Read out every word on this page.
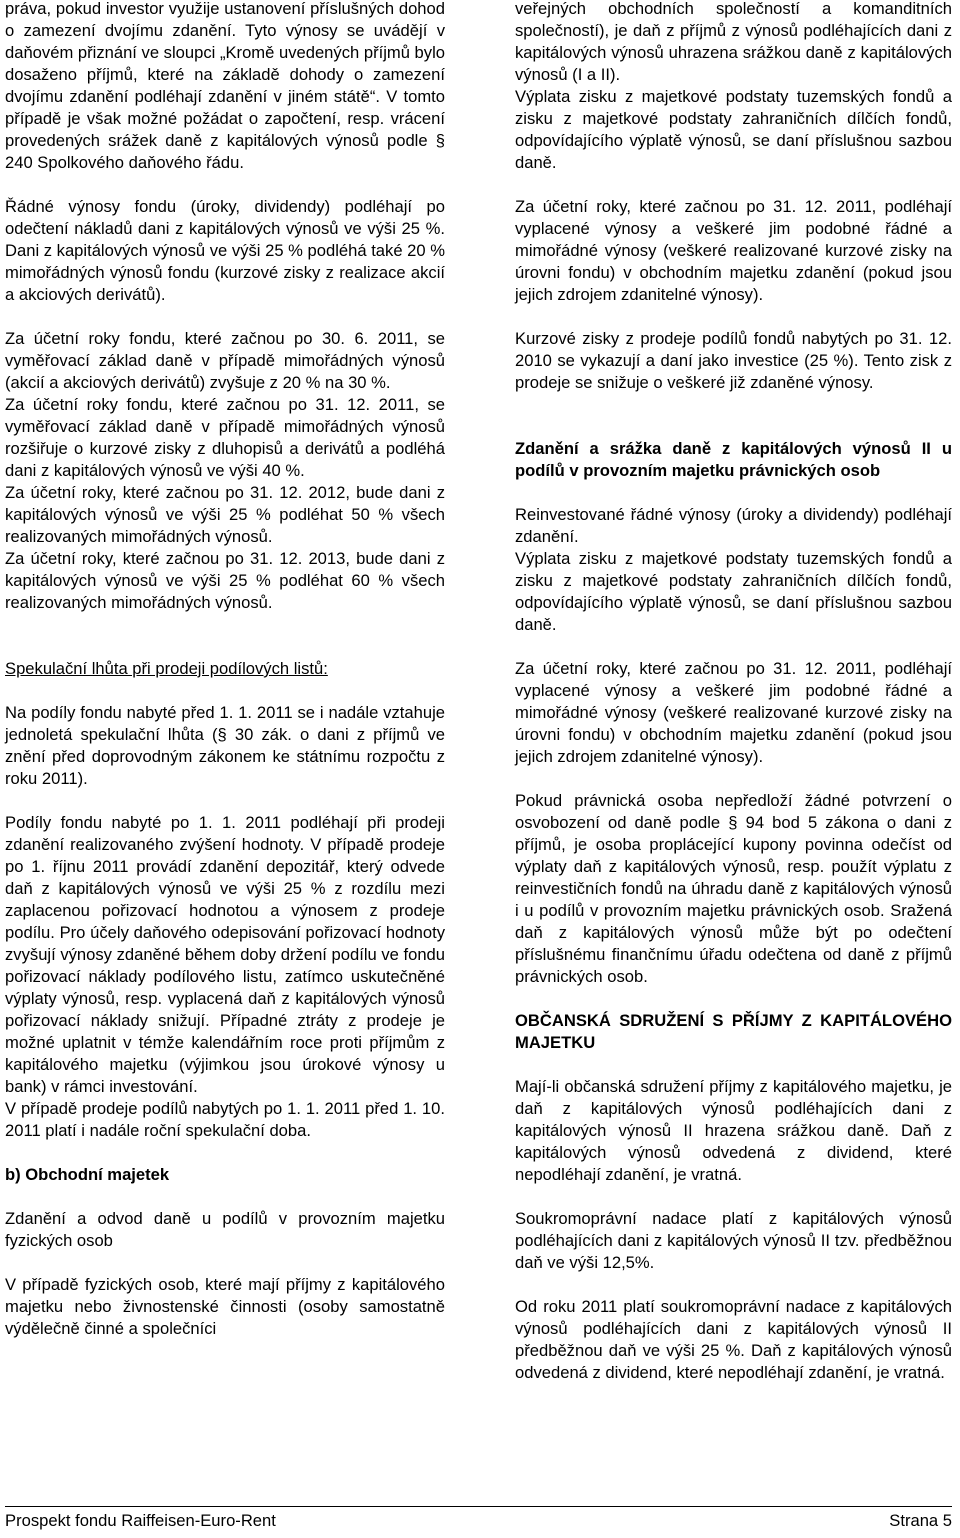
práva, pokud investor využije ustanovení příslušných dohod o zamezení dvojímu zdanění. Tyto výnosy se uvádějí v daňovém přiznání ve sloupci „Kromě uvedených příjmů bylo dosaženo příjmů, které na základě dohody o zamezení dvojímu zdanění podléhají zdanění v jiném státě“. V tomto případě je však možné požádat o započtení, resp. vrácení provedených srážek daně z kapitálových výnosů podle § 240 Spolkového daňového řádu.

Řádné výnosy fondu (úroky, dividendy) podléhají po odečtení nákladů dani z kapitálových výnosů ve výši 25 %. Dani z kapitálových výnosů ve výši 25 % podléhá také 20 % mimořádných výnosů fondu (kurzové zisky z realizace akcií a akciových derivátů).

Za účetní roky fondu, které začnou po 30. 6. 2011, se vyměřovací základ daně v případě mimořádných výnosů (akcií a akciových derivátů) zvyšuje z 20 % na 30 %.

Za účetní roky fondu, které začnou po 31. 12. 2011, se vyměřovací základ daně v případě mimořádných výnosů rozšiřuje o kurzové zisky z dluhopisů a derivátů a podléhá dani z kapitálových výnosů ve výši 40 %.

Za účetní roky, které začnou po 31. 12. 2012, bude dani z kapitálových výnosů ve výši 25 % podléhat 50 % všech realizovaných mimořádných výnosů.

Za účetní roky, které začnou po 31. 12. 2013, bude dani z kapitálových výnosů ve výši 25 % podléhat 60 % všech realizovaných mimořádných výnosů.

Spekulační lhůta při prodeji podílových listů:

Na podíly fondu nabyté před 1. 1. 2011 se i nadále vztahuje jednoletá spekulační lhůta (§ 30 zák. o dani z příjmů ve znění před doprovodným zákonem ke státnímu rozpočtu z roku 2011).

Podíly fondu nabyté po 1. 1. 2011 podléhají při prodeji zdanění realizovaného zvýšení hodnoty. V případě prodeje po 1. říjnu 2011 provádí zdanění depozitář, který odvede daň z kapitálových výnosů ve výši 25 % z rozdílu mezi zaplacenou pořizovací hodnotou a výnosem z prodeje podílu. Pro účely daňového odepisování pořizovací hodnoty zvyšují výnosy zdaněné během doby držení podílu ve fondu pořizovací náklady podílového listu, zatímco uskutečněné výplaty výnosů, resp. vyplacená daň z kapitálových výnosů pořizovací náklady snižují. Případné ztráty z prodeje je možné uplatnit v témže kalendářním roce proti příjmům z kapitálového majetku (výjimkou jsou úrokové výnosy u bank) v rámci investování.

V případě prodeje podílů nabytých po 1. 1. 2011 před 1. 10. 2011 platí i nadále roční spekulační doba.

b) Obchodní majetek

Zdanění a odvod daně u podílů v provozním majetku fyzických osob

V případě fyzických osob, které mají příjmy z kapitálového majetku nebo živnostenské činnosti (osoby samostatně výdělečně činné a společníci

veřejných obchodních společností a komanditních společností), je daň z příjmů z výnosů podléhajících dani z kapitálových výnosů uhrazena srážkou daně z kapitálových výnosů (I a II).

Výplata zisku z majetkové podstaty tuzemských fondů a zisku z majetkové podstaty zahraničních dílčích fondů, odpovídajícího výplatě výnosů, se daní příslušnou sazbou daně.

Za účetní roky, které začnou po 31. 12. 2011, podléhají vyplacené výnosy a veškeré jim podobné řádné a mimořádné výnosy (veškeré realizované kurzové zisky na úrovni fondu) v obchodním majetku zdanění (pokud jsou jejich zdrojem zdanitelné výnosy).

Kurzové zisky z prodeje podílů fondů nabytých po 31. 12. 2010 se vykazují a daní jako investice (25 %). Tento zisk z prodeje se snižuje o veškeré již zdaněné výnosy.

Zdanění a srážka daně z kapitálových výnosů II u podílů v provozním majetku právnických osob

Reinvestované řádné výnosy (úroky a dividendy) podléhají zdanění.

Výplata zisku z majetkové podstaty tuzemských fondů a zisku z majetkové podstaty zahraničních dílčích fondů, odpovídajícího výplatě výnosů, se daní příslušnou sazbou daně.

Za účetní roky, které začnou po 31. 12. 2011, podléhají vyplacené výnosy a veškeré jim podobné řádné a mimořádné výnosy (veškeré realizované kurzové zisky na úrovni fondu) v obchodním majetku zdanění (pokud jsou jejich zdrojem zdanitelné výnosy).

Pokud právnická osoba nepředloží žádné potvrzení o osvobození od daně podle § 94 bod 5 zákona o dani z příjmů, je osoba proplácející kupony povinna odečíst od výplaty daň z kapitálových výnosů, resp. použít výplatu z reinvestičních fondů na úhradu daně z kapitálových výnosů i u podílů v provozním majetku právnických osob. Sražená daň z kapitálových výnosů může být po odečtení příslušnému finančnímu úřadu odečtena od daně z příjmů právnických osob.

OBČANSKÁ SDRUŽENÍ S PŘÍJMY Z KAPITÁLOVÉHO MAJETKU

Mají-li občanská sdružení příjmy z kapitálového majetku, je daň z kapitálových výnosů podléhajících dani z kapitálových výnosů II hrazena srážkou daně. Daň z kapitálových výnosů odvedená z dividend, které nepodléhají zdanění, je vratná.

Soukromoprávní nadace platí z kapitálových výnosů podléhajících dani z kapitálových výnosů II tzv. předběžnou daň ve výši 12,5%.

Od roku 2011 platí soukromoprávní nadace z kapitálových výnosů podléhajících dani z kapitálových výnosů II předběžnou daň ve výši 25 %. Daň z kapitálových výnosů odvedená z dividend, které nepodléhají zdanění, je vratná.

Prospekt fondu Raiffeisen-Euro-Rent	Strana 5
